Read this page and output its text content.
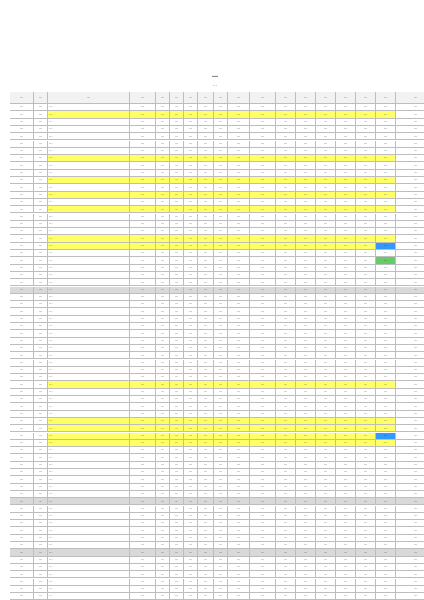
…
…
…	…	…	…	…	…	…	…	…	…	…	…	…	…	…	…	…	…
…	…	…	…	…	…	…	…	…	…	…	…	…	…	…	…	…	…
…	…	…	…	…	…	…	…	…	…	…	…	…	…	…	…	…	…
…	…	…	…	…	…	…	…	…	…	…	…	…	…	…	…	…	…
…	…	…	…	…	…	…	…	…	…	…	…	…	…	…	…	…	…
…	…	…	…	…	…	…	…	…	…	…	…	…	…	…	…	…	…
…	…	…	…	…	…	…	…	…	…	…	…	…	…	…	…	…	…
…	…	…	…	…	…	…	…	…	…	…	…	…	…	…	…	…	…
…	…	…	…	…	…	…	…	…	…	…	…	…	…	…	…	…	…
…	…	…	…	…	…	…	…	…	…	…	…	…	…	…	…	…	…
…	…	…	…	…	…	…	…	…	…	…	…	…	…	…	…	…	…
…	…	…	…	…	…	…	…	…	…	…	…	…	…	…	…	…	…
…	…	…	…	…	…	…	…	…	…	…	…	…	…	…	…	…	…
…	…	…	…	…	…	…	…	…	…	…	…	…	…	…	…	…	…
…	…	…	…	…	…	…	…	…	…	…	…	…	…	…	…	…	…
…	…	…	…	…	…	…	…	…	…	…	…	…	…	…	…	…	…
…	…	…	…	…	…	…	…	…	…	…	…	…	…	…	…	…	…
…	…	…	…	…	…	…	…	…	…	…	…	…	…	…	…	…	…
…	…	…	…	…	…	…	…	…	…	…	…	…	…	…	…	…	…
…	…	…	…	…	…	…	…	…	…	…	…	…	…	…	…	…	…
…	…	…	…	…	…	…	…	…	…	…	…	…	…	…	…	…	…
…	…	…	…	…	…	…	…	…	…	…	…	…	…	…	…	…	…
…	…	…	…	…	…	…	…	…	…	…	…	…	…	…	…	…	…
…	…	…	…	…	…	…	…	…	…	…	…	…	…	…	…	…	…
…	…	…	…	…	…	…	…	…	…	…	…	…	…	…	…	…	…
…	…	…	…	…	…	…	…	…	…	…	…	…	…	…	…	…	…
…	…	…	…	…	…	…	…	…	…	…	…	…	…	…	…	…	…
…	…	…	…	…	…	…	…	…	…	…	…	…	…	…	…	…	…
…	…	…	…	…	…	…	…	…	…	…	…	…	…	…	…	…	…
…	…	…	…	…	…	…	…	…	…	…	…	…	…	…	…	…	…
…	…	…	…	…	…	…	…	…	…	…	…	…	…	…	…	…	…
…	…	…	…	…	…	…	…	…	…	…	…	…	…	…	…	…	…
…	…	…	…	…	…	…	…	…	…	…	…	…	…	…	…	…	…
…	…	…	…	…	…	…	…	…	…	…	…	…	…	…	…	…	…
…	…	…	…	…	…	…	…	…	…	…	…	…	…	…	…	…	…
…	…	…	…	…	…	…	…	…	…	…	…	…	…	…	…	…	…
…	…	…	…	…	…	…	…	…	…	…	…	…	…	…	…	…	…
…	…	…	…	…	…	…	…	…	…	…	…	…	…	…	…	…	…
…	…	…	…	…	…	…	…	…	…	…	…	…	…	…	…	…	…
…	…	…	…	…	…	…	…	…	…	…	…	…	…	…	…	…	…
…	…	…	…	…	…	…	…	…	…	…	…	…	…	…	…	…	…
…	…	…	…	…	…	…	…	…	…	…	…	…	…	…	…	…	…
…	…	…	…	…	…	…	…	…	…	…	…	…	…	…	…	…	…
…	…	…	…	…	…	…	…	…	…	…	…	…	…	…	…	…	…
…	…	…	…	…	…	…	…	…	…	…	…	…	…	…	…	…	…
…	…	…	…	…	…	…	…	…	…	…	…	…	…	…	…	…	…
…	…	…	…	…	…	…	…	…	…	…	…	…	…	…	…	…	…
…	…	…	…	…	…	…	…	…	…	…	…	…	…	…	…	…	…
…	…	…	…	…	…	…	…	…	…	…	…	…	…	…	…	…	…
…	…	…	…	…	…	…	…	…	…	…	…	…	…	…	…	…	…
…	…	…	…	…	…	…	…	…	…	…	…	…	…	…	…	…	…
…	…	…	…	…	…	…	…	…	…	…	…	…	…	…	…	…	…
…	…	…	…	…	…	…	…	…	…	…	…	…	…	…	…	…	…
…	…	…	…	…	…	…	…	…	…	…	…	…	…	…	…	…	…
…	…	…	…	…	…	…	…	…	…	…	…	…	…	…	…	…	…
…	…	…	…	…	…	…	…	…	…	…	…	…	…	…	…	…	…
…	…	…	…	…	…	…	…	…	…	…	…	…	…	…	…	…	…
…	…	…	…	…	…	…	…	…	…	…	…	…	…	…	…	…	…
…	…	…	…	…	…	…	…	…	…	…	…	…	…	…	…	…	…
…	…	…	…	…	…	…	…	…	…	…	…	…	…	…	…	…	…
…	…	…	…	…	…	…	…	…	…	…	…	…	…	…	…	…	…
…	…	…	…	…	…	…	…	…	…	…	…	…	…	…	…	…	…
…	…	…	…	…	…	…	…	…	…	…	…	…	…	…	…	…	…
…	…	…	…	…	…	…	…	…	…	…	…	…	…	…	…	…	…
…	…	…	…	…	…	…	…	…	…	…	…	…	…	…	…	…	…
…	…	…	…	…	…	…	…	…	…	…	…	…	…	…	…	…	…
…	…	…	…	…	…	…	…	…	…	…	…	…	…	…	…	…	…
…	…	…	…	…	…	…	…	…	…	…	…	…	…	…	…	…	…
…	…	…	…	…	…	…	…	…	…	…	…	…	…	…	…	…	…
